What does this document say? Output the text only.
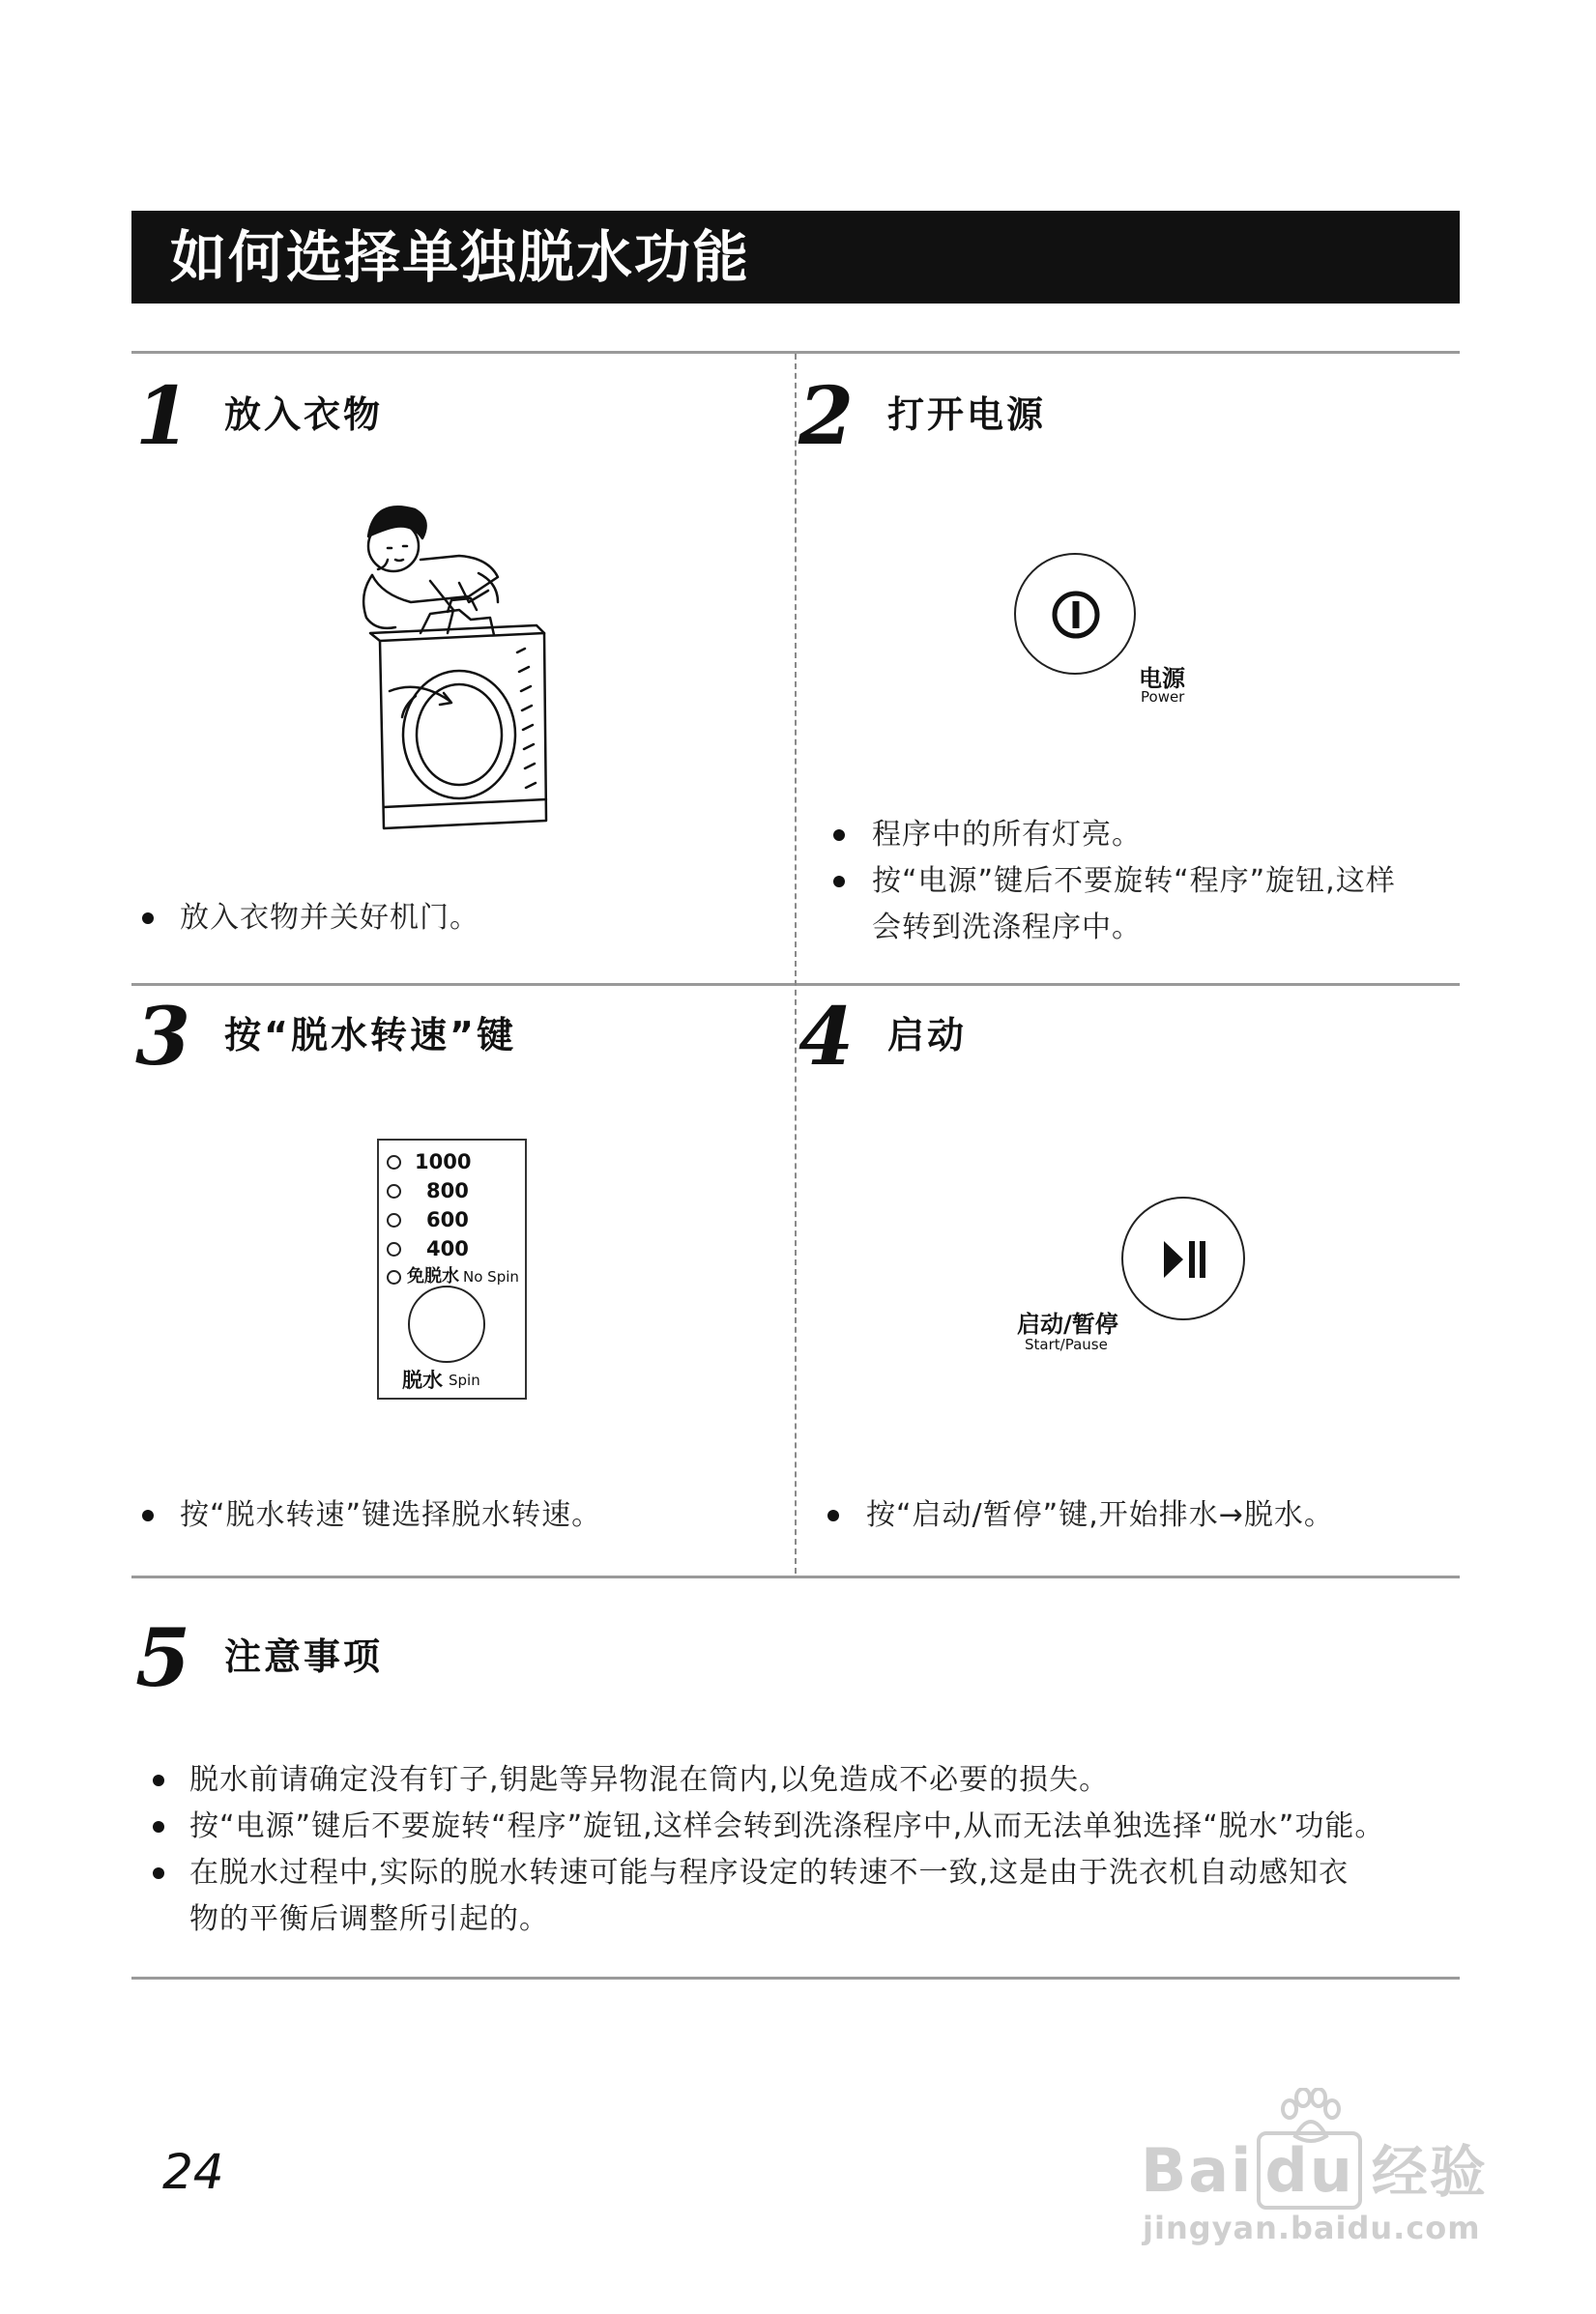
如何选择单独脱水功能
1 放入衣物
放入衣物并关好机门。
2 打开电源
电源
Power
程序中的所有灯亮。
按“电源”键后不要旋转“程序”旋钮,这样
会转到洗涤程序中。
3 按“脱水转速”键
1000
800
600
400
免脱水 No Spin
脱水 Spin
按“脱水转速”键选择脱水转速。
4 启动
启动/暂停
Start/Pause
按“启动/暂停”键,开始排水→脱水。
5 注意事项
脱水前请确定没有钉子,钥匙等异物混在筒内,以免造成不必要的损失。
按“电源”键后不要旋转“程序”旋钮,这样会转到洗涤程序中,从而无法单独选择“脱水”功能。
在脱水过程中,实际的脱水转速可能与程序设定的转速不一致,这是由于洗衣机自动感知衣
物的平衡后调整所引起的。
24	Bai du 经验
jingyan.baidu.com
